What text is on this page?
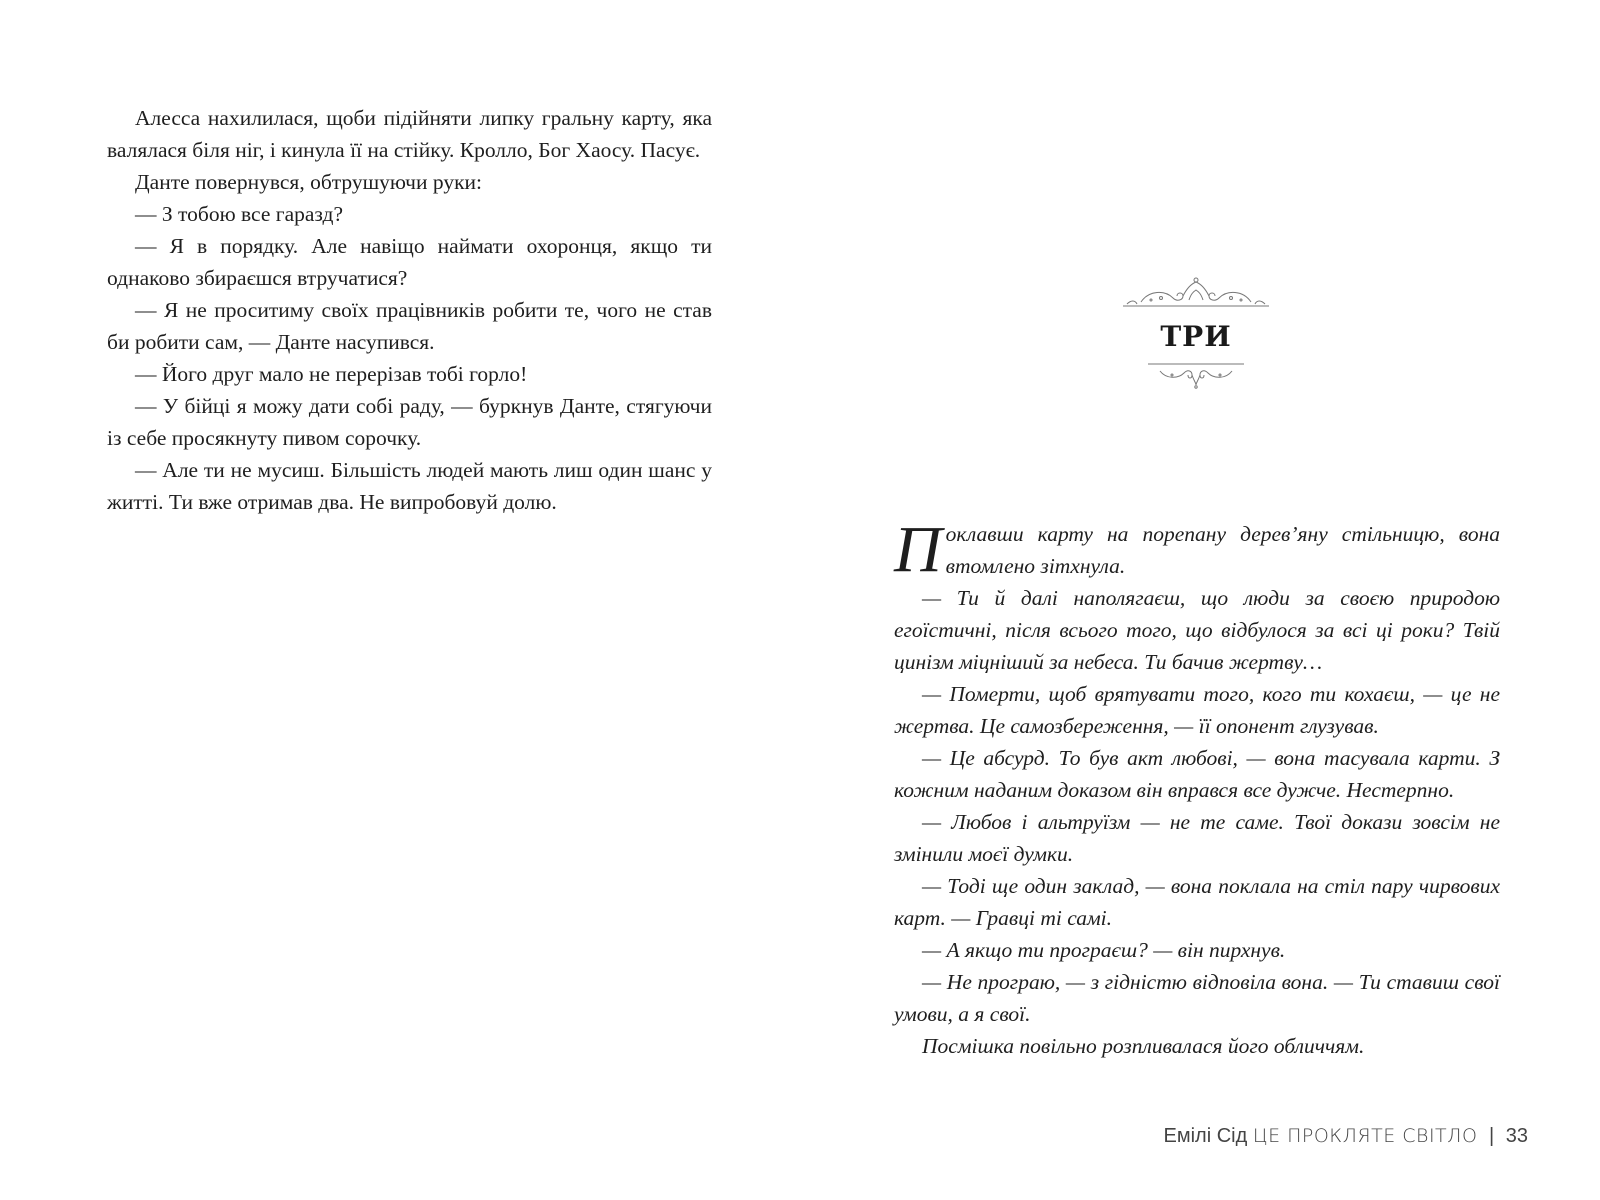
Алесса нахилилася, щоби підійняти липку гральну карту, яка валялася біля ніг, і кинула її на стійку. Кролло, Бог Хаосу. Пасує.

Данте повернувся, обтрушуючи руки:

— З тобою все гаразд?

— Я в порядку. Але навіщо наймати охоронця, якщо ти однаково збираєшся втручатися?

— Я не проситиму своїх працівників робити те, чого не став би робити сам, — Данте насупився.

— Його друг мало не перерізав тобі горло!

— У бійці я можу дати собі раду, — буркнув Данте, стягуючи із себе просякнуту пивом сорочку.

— Але ти не мусиш. Більшість людей мають лиш один шанс у житті. Ти вже отримав два. Не випробовуй долю.

ТРИ

Поклавши карту на порепану дерев’яну стільницю, вона втомлено зітхнула.

— Ти й далі наполягаєш, що люди за своєю природою егоїстичні, після всього того, що відбулося за всі ці роки? Твій цинізм міцніший за небеса. Ти бачив жертву…

— Померти, щоб врятувати того, кого ти кохаєш, — це не жертва. Це самозбереження, — її опонент глузував.

— Це абсурд. То був акт любові, — вона тасувала карти. З кожним наданим доказом він вправся все дужче. Нестерпно.

— Любов і альтруїзм — не те саме. Твої докази зовсім не змінили моєї думки.

— Тоді ще один заклад, — вона поклала на стіл пару чирвових карт. — Гравці ті самі.

— А якщо ти програєш? — він пирхнув.

— Не програю, — з гідністю відповіла вона. — Ти ставиш свої умови, а я свої.

Посмішка повільно розпливалася його обличчям.

Емілі Сід ЦЕ ПРОКЛЯТЕ СВІТЛО | 33
